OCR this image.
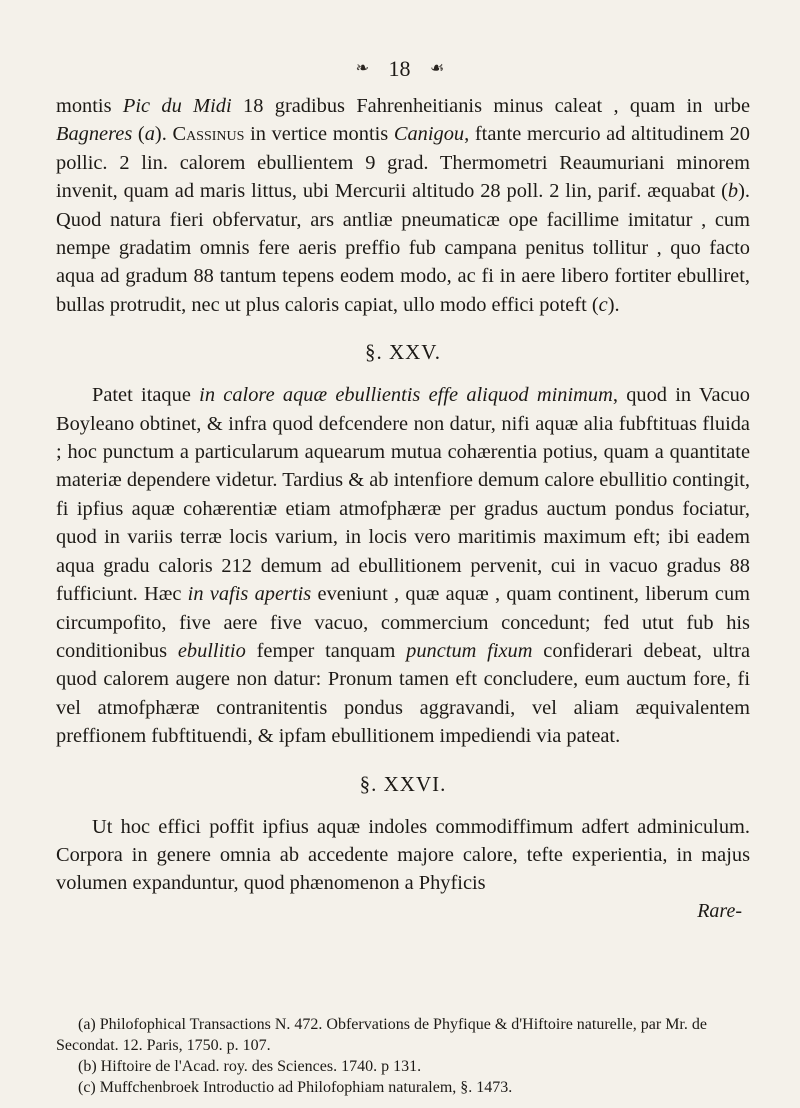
❧ 18 ☙

montis Pic du Midi 18 gradibus Fahrenheitianis minus caleat , quam in urbe Bagneres (a). Cassinus in vertice montis Canigou, ftante mercurio ad altitudinem 20 pollic. 2 lin. calorem ebullientem 9 grad. Thermometri Reaumuriani minorem invenit, quam ad maris littus, ubi Mercurii altitudo 28 poll. 2 lin, parif. æquabat (b). Quod natura fieri obfervatur, ars antliæ pneumaticæ ope facillime imitatur , cum nempe gradatim omnis fere aeris preffio fub campana penitus tollitur , quo facto aqua ad gradum 88 tantum tepens eodem modo, ac fi in aere libero fortiter ebulliret, bullas protrudit, nec ut plus caloris capiat, ullo modo effici poteft (c).

§. XXV.

Patet itaque in calore aquæ ebullientis effe aliquod minimum, quod in Vacuo Boyleano obtinet, & infra quod defcendere non datur, nifi aquæ alia fubftituas fluida ; hoc punctum a particularum aquearum mutua cohærentia potius, quam a quantitate materiæ dependere videtur. Tardius & ab intenfiore demum calore ebullitio contingit, fi ipfius aquæ cohærentiæ etiam atmofphæræ per gradus auctum pondus fociatur, quod in variis terræ locis varium, in locis vero maritimis maximum eft; ibi eadem aqua gradu caloris 212 demum ad ebullitionem pervenit, cui in vacuo gradus 88 fufficiunt. Hæc in vafis apertis eveniunt , quæ aquæ , quam continent, liberum cum circumpofito, five aere five vacuo, commercium concedunt; fed utut fub his conditionibus ebullitio femper tanquam punctum fixum confiderari debeat, ultra quod calorem augere non datur: Pronum tamen eft concludere, eum auctum fore, fi vel atmofphæræ contranitentis pondus aggravandi, vel aliam æquivalentem preffionem fubftituendi, & ipfam ebullitionem impediendi via pateat.

§. XXVI.

Ut hoc effici poffit ipfius aquæ indoles commodiffimum adfert adminiculum. Corpora in genere omnia ab accedente majore calore, tefte experientia, in majus volumen expanduntur, quod phænomenon a Phyficis

Rare-

(a) Philofophical Transactions N. 472. Obfervations de Phyfique & d'Hiftoire naturelle, par Mr. de Secondat. 12. Paris, 1750. p. 107.

(b) Hiftoire de l'Acad. roy. des Sciences. 1740. p 131.

(c) Muffchenbroek Introductio ad Philofophiam naturalem, §. 1473.
